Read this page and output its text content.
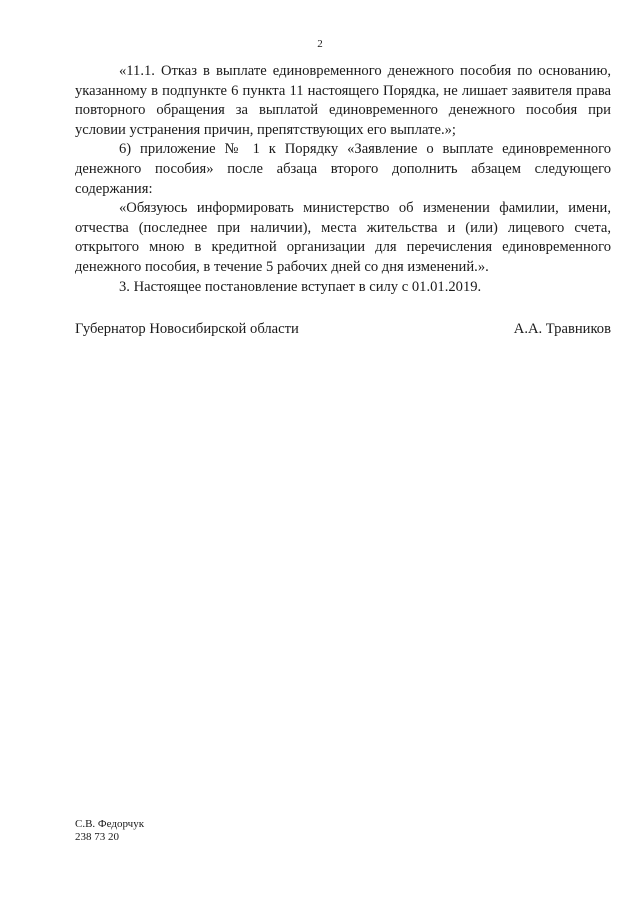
2

«11.1. Отказ в выплате единовременного денежного пособия по основанию, указанному в подпункте 6 пункта 11 настоящего Порядка, не лишает заявителя права повторного обращения за выплатой единовременного денежного пособия при условии устранения причин, препятствующих его выплате.»;

6) приложение № 1 к Порядку «Заявление о выплате единовременного денежного пособия» после абзаца второго дополнить абзацем следующего содержания:

«Обязуюсь информировать министерство об изменении фамилии, имени, отчества (последнее при наличии), места жительства и (или) лицевого счета, открытого мною в кредитной организации для перечисления единовременного денежного пособия, в течение 5 рабочих дней со дня изменений.».

3. Настоящее постановление вступает в силу с 01.01.2019.

Губернатор Новосибирской области	А.А. Травников
С.В. Федорчук
238 73 20
